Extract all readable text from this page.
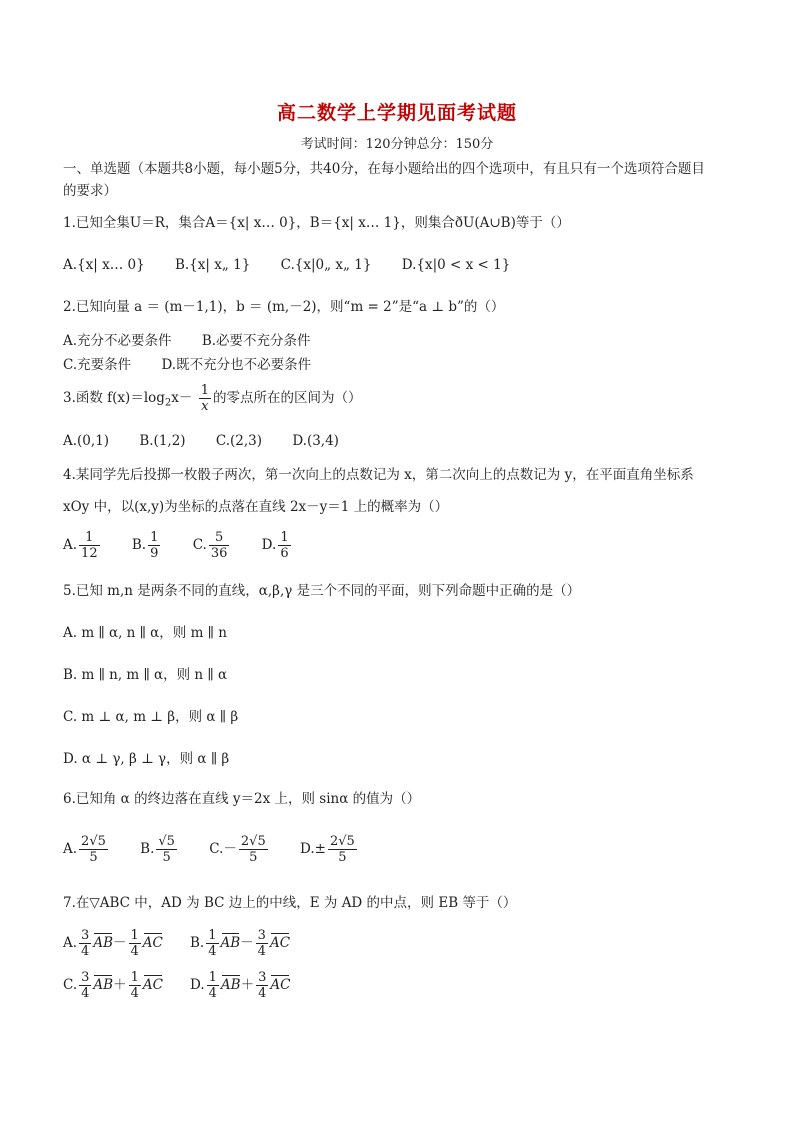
高二数学上学期见面考试题
考试时间：120分钟总分：150分
一、单选题（本题共8小题，每小题5分，共40分，在每小题给出的四个选项中，有且只有一个选项符合题目
的要求）
1.已知全集U＝R，集合A＝{x| x… 0}，B＝{x| x… 1}，则集合ðU(A∪B)等于（）
A.{x| x… 0} B.{x| x„ 1} C.{x|0„ x„ 1} D.{x|0 < x < 1}
2.已知向量 a ＝ (m－1,1)，b ＝ (m,－2)，则“m = 2”是“a ⊥ b”的（）
A.充分不必要条件 B.必要不充分条件
C.充要条件 D.既不充分也不必要条件
3.函数 $f(x)=\log_2x- \frac{1}{x}$ 的零点所在的区间为（）
A.(0,1) B.(1,2) C.(2,3) D.(3,4)
4.某同学先后投掷一枚骰子两次，第一次向上的点数记为 x，第二次向上的点数记为 y，在平面直角坐标系
xOy 中，以(x,y)为坐标的点落在直线 2x－y＝1 上的概率为（）
A. $\frac{1}{12} B$. $\frac{1}{9} C$. $\frac{5}{36} D$. $\frac{1}{6}$
5.已知 m,n 是两条不同的直线，α,β,γ 是三个不同的平面，则下列命题中正确的是（）
A. m ∥ α, n ∥ α，则 m ∥ n
B. m ∥ n, m ∥ α，则 n ∥ α
C. m ⊥ α, m ⊥ β，则 α ∥ β
D. α ⊥ γ, β ⊥ γ，则 α ∥ β
6.已知角 α 的终边落在直线 y＝2x 上，则 sinα 的值为（）
A. $\frac{2√5}{5} B$. $\frac{√5}{5} C.- \frac{2√5}{5} D.\pm \frac{2√5}{5}$
7.在▽ABC 中，AD 为 BC 边上的中线，E 为 AD 的中点，则 EB 等于（）
A. $\frac{3}{4} AB- \frac{1}{4}$ AC B. $\frac{1}{4} AB- \frac{3}{4}$ AC
C. $\frac{3}{4} AB+ \frac{1}{4}$ AC D. $\frac{1}{4} AB+ \frac{3}{4}$ AC
